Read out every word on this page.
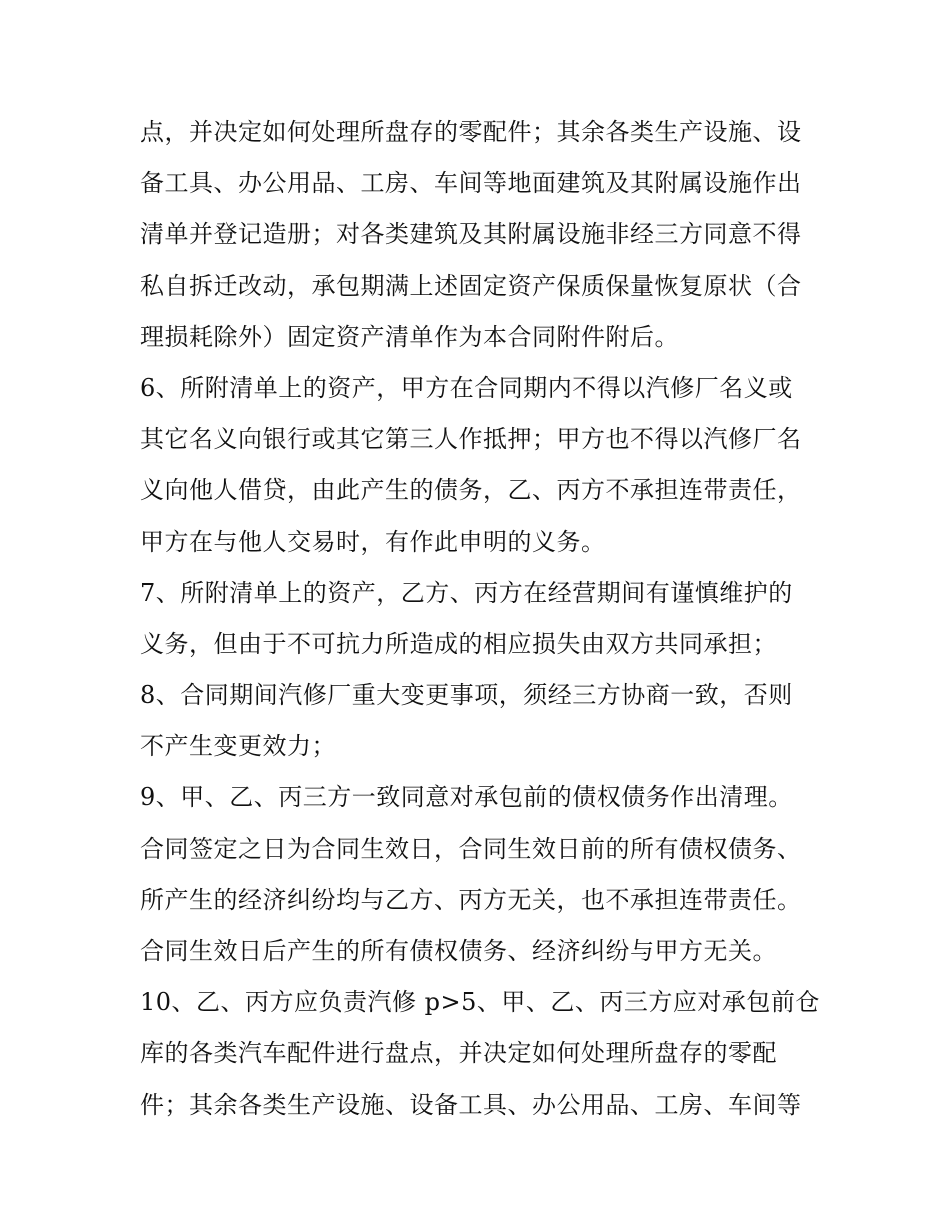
点，并决定如何处理所盘存的零配件；其余各类生产设施、设
备工具、办公用品、工房、车间等地面建筑及其附属设施作出
清单并登记造册；对各类建筑及其附属设施非经三方同意不得
私自拆迁改动，承包期满上述固定资产保质保量恢复原状（合
理损耗除外）固定资产清单作为本合同附件附后。
6、所附清单上的资产，甲方在合同期内不得以汽修厂名义或
其它名义向银行或其它第三人作抵押；甲方也不得以汽修厂名
义向他人借贷，由此产生的债务，乙、丙方不承担连带责任，
甲方在与他人交易时，有作此申明的义务。
7、所附清单上的资产，乙方、丙方在经营期间有谨慎维护的
义务，但由于不可抗力所造成的相应损失由双方共同承担；
8、合同期间汽修厂重大变更事项，须经三方协商一致，否则
不产生变更效力；
9、甲、乙、丙三方一致同意对承包前的债权债务作出清理。
合同签定之日为合同生效日，合同生效日前的所有债权债务、
所产生的经济纠纷均与乙方、丙方无关，也不承担连带责任。
合同生效日后产生的所有债权债务、经济纠纷与甲方无关。
10、乙、丙方应负责汽修 p>5、甲、乙、丙三方应对承包前仓
库的各类汽车配件进行盘点，并决定如何处理所盘存的零配
件；其余各类生产设施、设备工具、办公用品、工房、车间等
